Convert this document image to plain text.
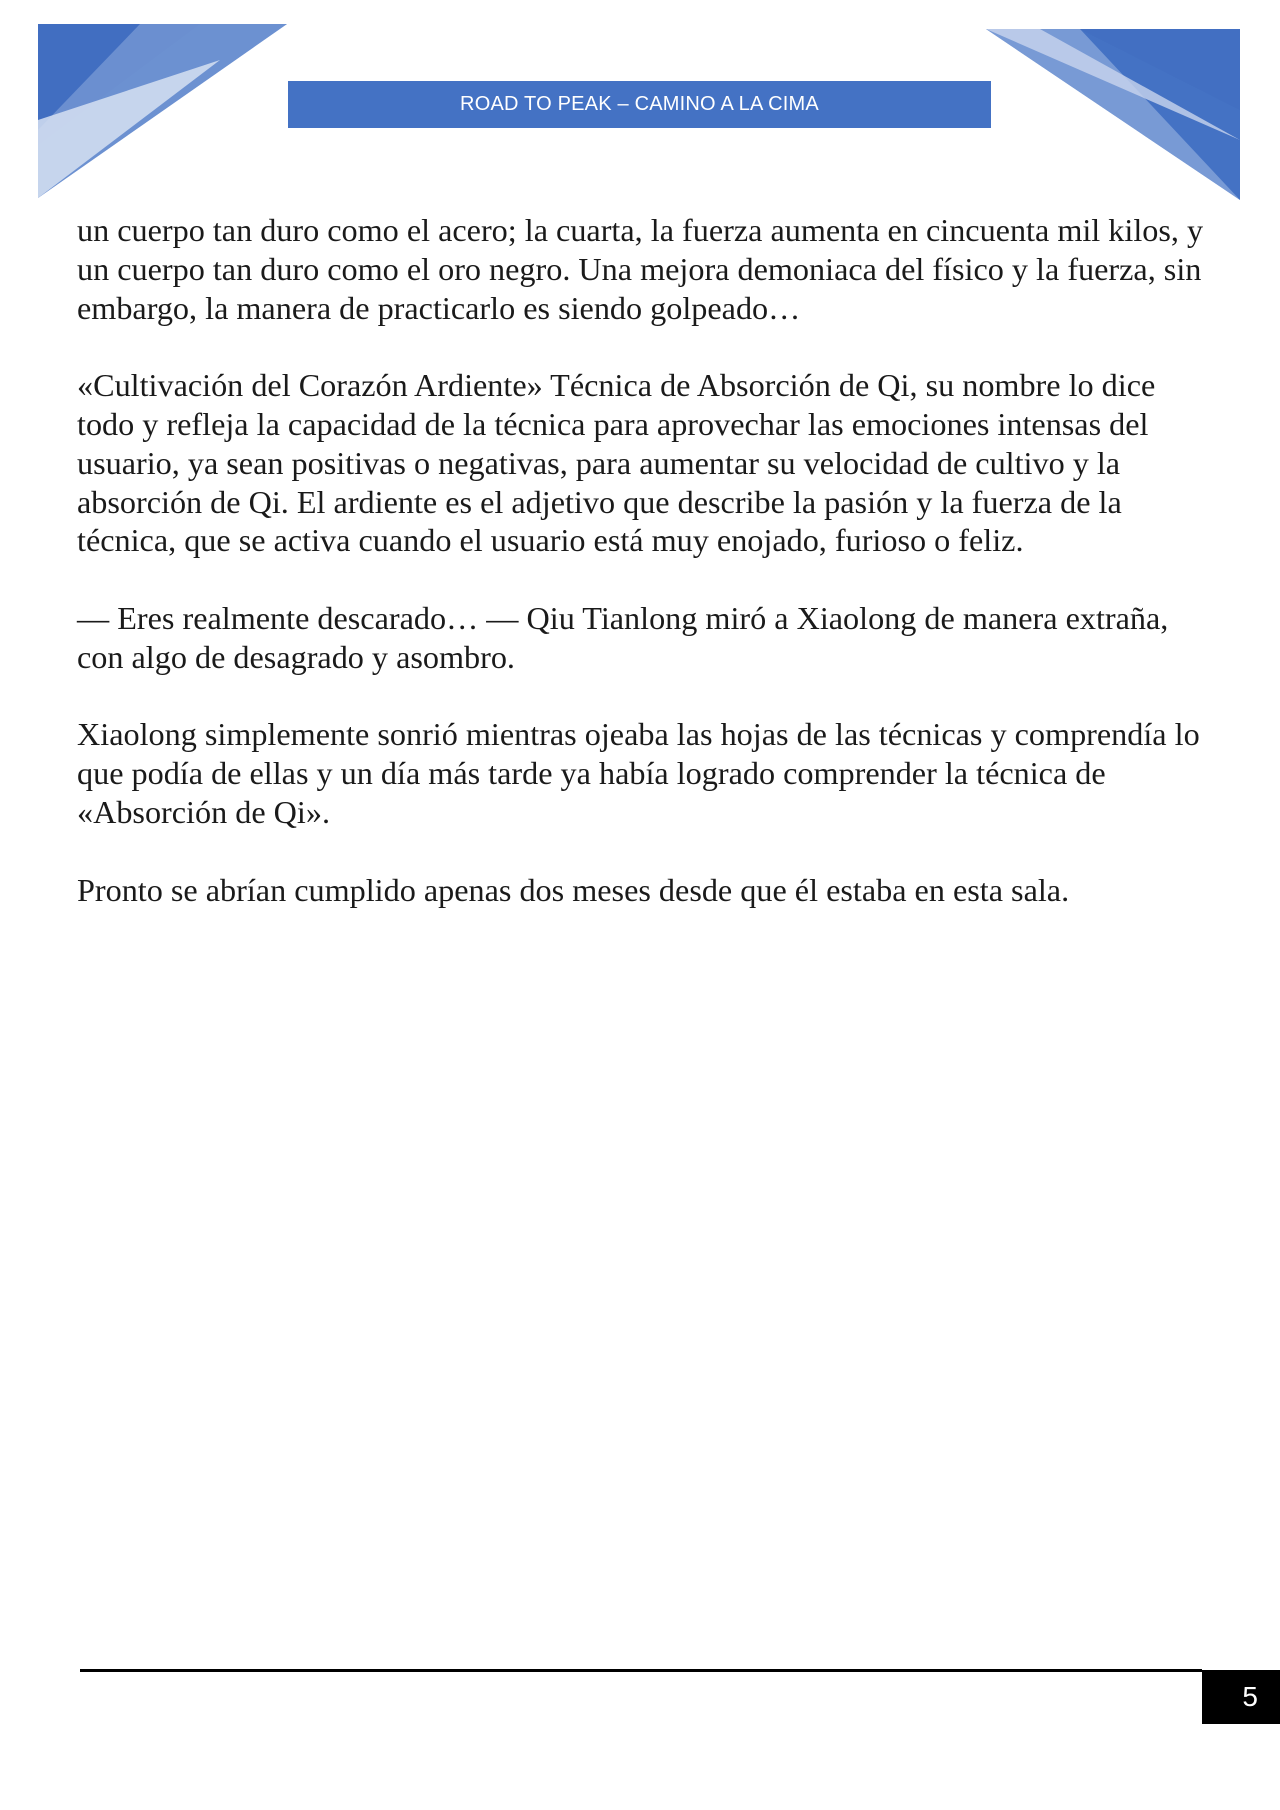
ROAD TO PEAK – CAMINO A LA CIMA

un cuerpo tan duro como el acero; la cuarta, la fuerza aumenta en cincuenta mil kilos, y un cuerpo tan duro como el oro negro. Una mejora demoniaca del físico y la fuerza, sin embargo, la manera de practicarlo es siendo golpeado…

«Cultivación del Corazón Ardiente» Técnica de Absorción de Qi, su nombre lo dice todo y refleja la capacidad de la técnica para aprovechar las emociones intensas del usuario, ya sean positivas o negativas, para aumentar su velocidad de cultivo y la absorción de Qi. El ardiente es el adjetivo que describe la pasión y la fuerza de la técnica, que se activa cuando el usuario está muy enojado, furioso o feliz.

— Eres realmente descarado… — Qiu Tianlong miró a Xiaolong de manera extraña, con algo de desagrado y asombro.

Xiaolong simplemente sonrió mientras ojeaba las hojas de las técnicas y comprendía lo que podía de ellas y un día más tarde ya había logrado comprender la técnica de «Absorción de Qi».

Pronto se abrían cumplido apenas dos meses desde que él estaba en esta sala.

5
